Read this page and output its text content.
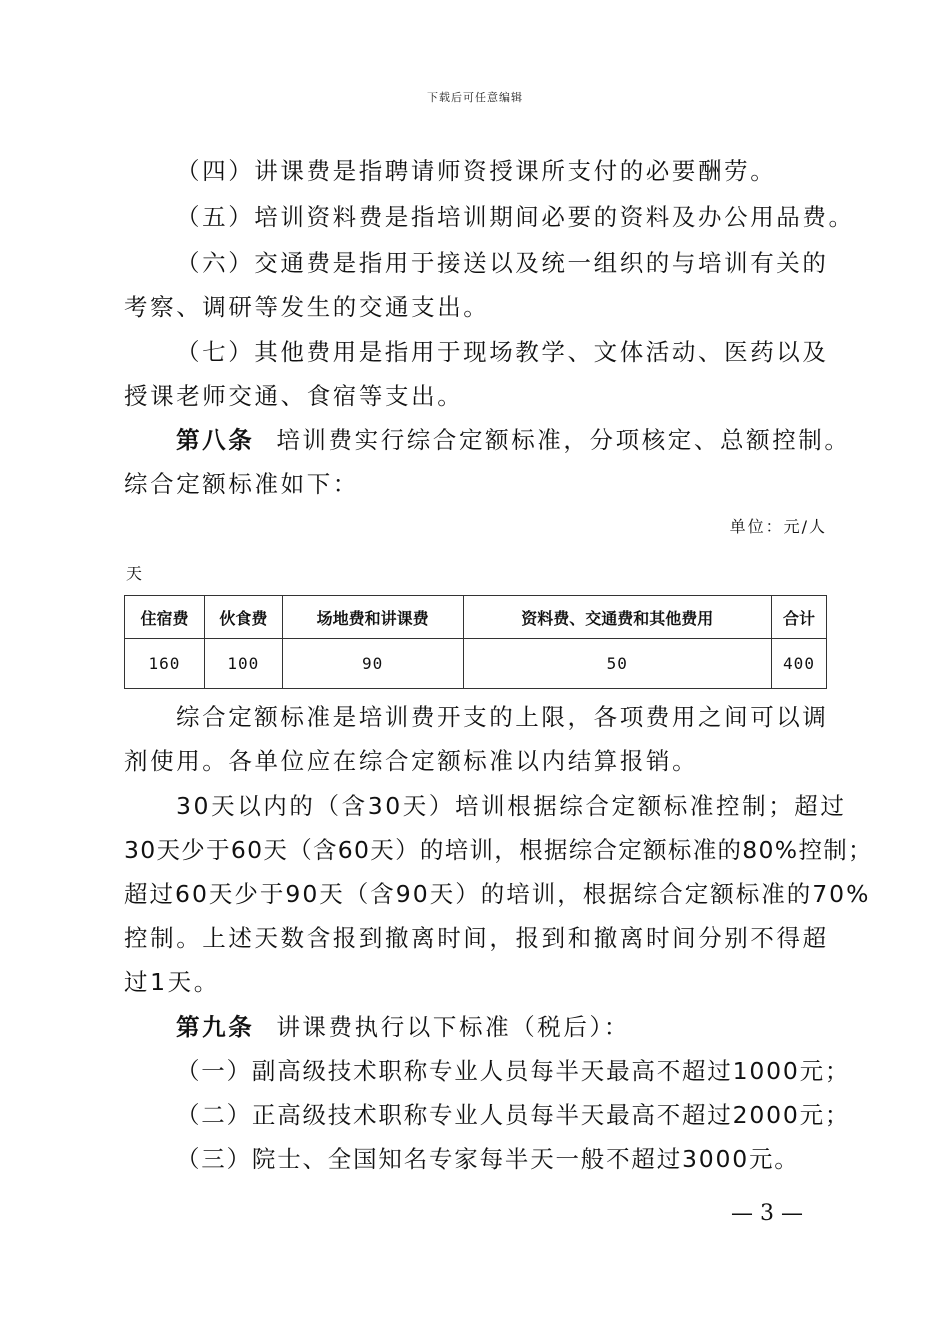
下载后可任意编辑
（四）讲课费是指聘请师资授课所支付的必要酬劳。
（五）培训资料费是指培训期间必要的资料及办公用品费。
（六）交通费是指用于接送以及统一组织的与培训有关的
考察、调研等发生的交通支出。
（七）其他费用是指用于现场教学、文体活动、医药以及
授课老师交通、食宿等支出。
第八条 培训费实行综合定额标准，分项核定、总额控制。
综合定额标准如下：
单位：元/人
天
住宿费	伙食费	场地费和讲课费	资料费、交通费和其他费用	合计
160	100	90	50	400
综合定额标准是培训费开支的上限，各项费用之间可以调
剂使用。各单位应在综合定额标准以内结算报销。
30天以内的（含30天）培训根据综合定额标准控制；超过
30天少于60天（含60天）的培训，根据综合定额标准的80%控制；
超过60天少于90天（含90天）的培训，根据综合定额标准的70%
控制。上述天数含报到撤离时间，报到和撤离时间分别不得超
过1天。
第九条 讲课费执行以下标准（税后）：
（一）副高级技术职称专业人员每半天最高不超过1000元；
（二）正高级技术职称专业人员每半天最高不超过2000元；
（三）院士、全国知名专家每半天一般不超过3000元。
— 3 —
